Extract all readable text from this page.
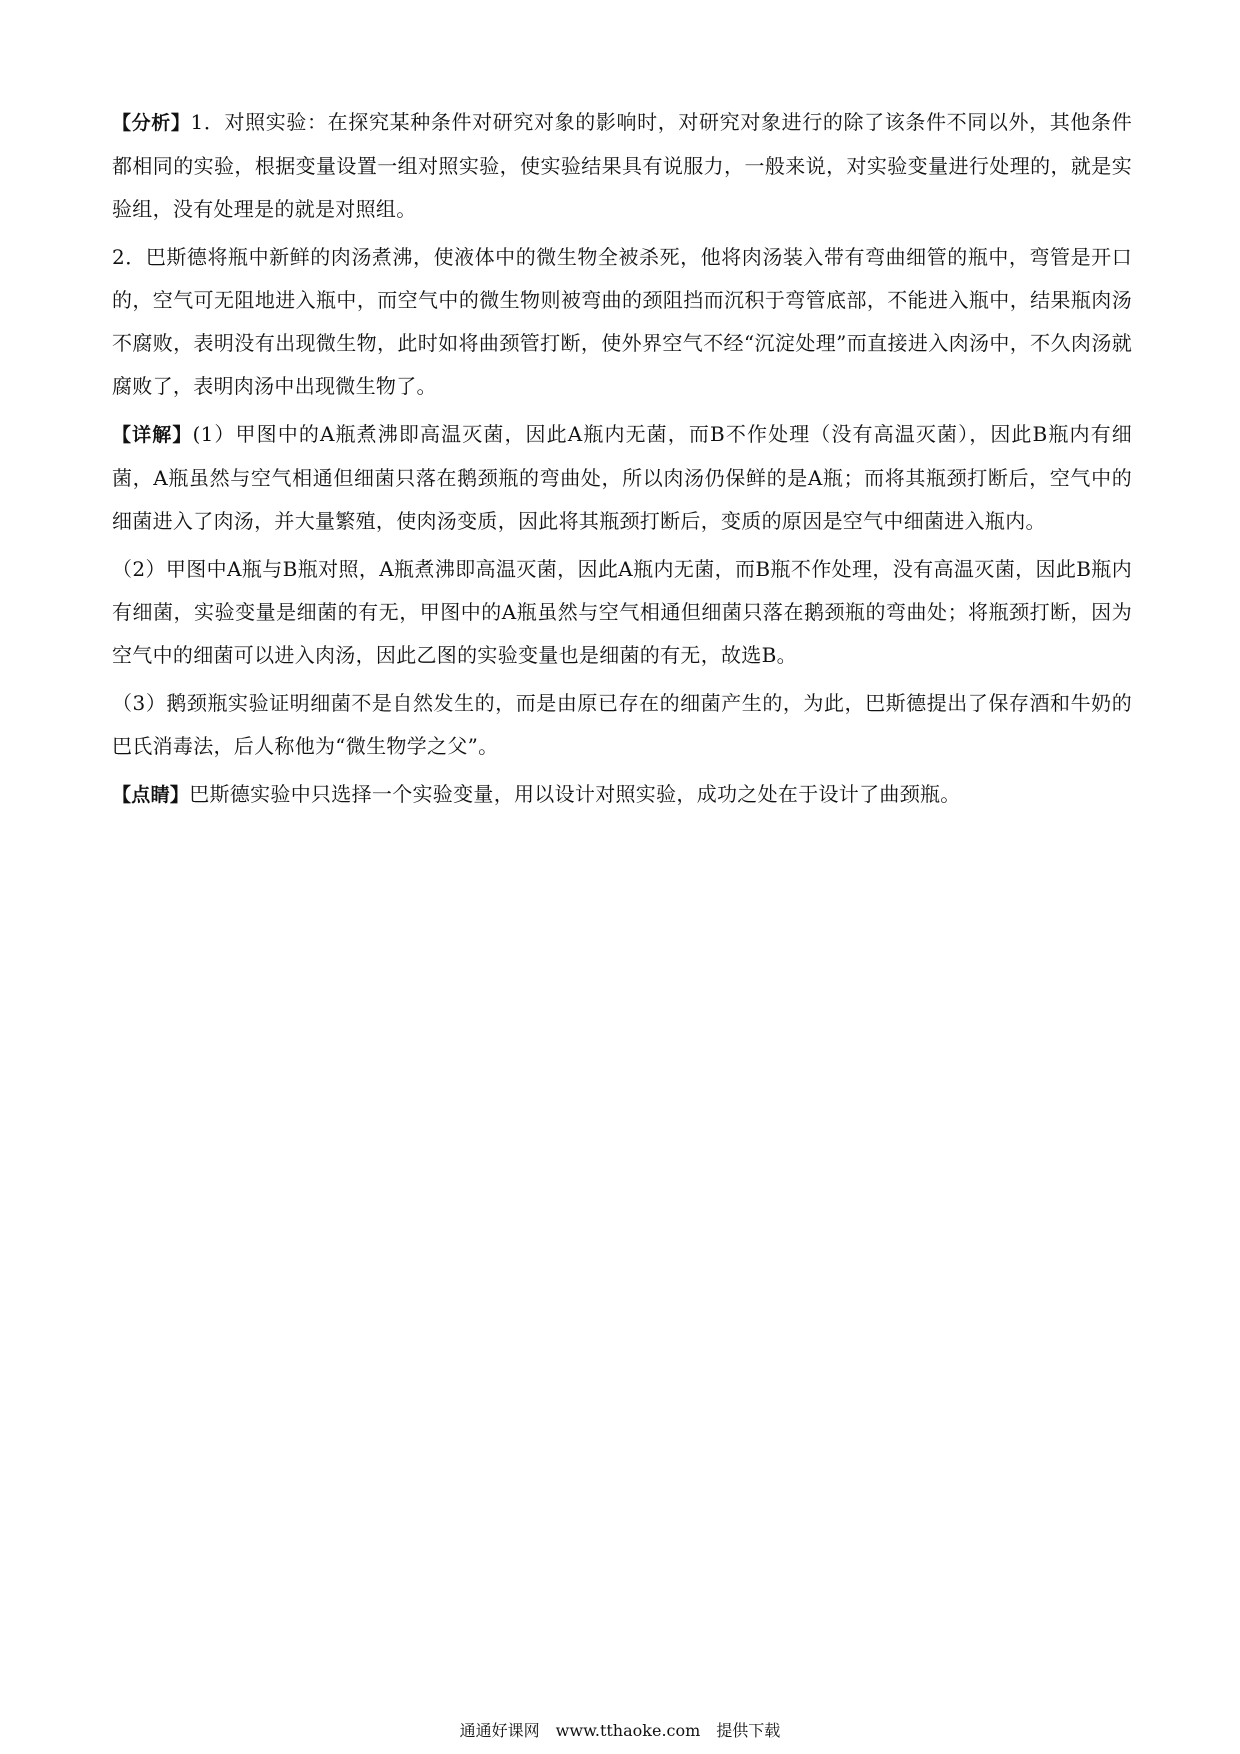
【分析】1．对照实验：在探究某种条件对研究对象的影响时，对研究对象进行的除了该条件不同以外，其他条件都相同的实验，根据变量设置一组对照实验，使实验结果具有说服力，一般来说，对实验变量进行处理的，就是实验组，没有处理是的就是对照组。

2．巴斯德将瓶中新鲜的肉汤煮沸，使液体中的微生物全被杀死，他将肉汤装入带有弯曲细管的瓶中，弯管是开口的，空气可无阻地进入瓶中，而空气中的微生物则被弯曲的颈阻挡而沉积于弯管底部，不能进入瓶中，结果瓶肉汤不腐败，表明没有出现微生物，此时如将曲颈管打断，使外界空气不经“沉淀处理”而直接进入肉汤中，不久肉汤就腐败了，表明肉汤中出现微生物了。

【详解】(1）甲图中的A瓶煮沸即高温灭菌，因此A瓶内无菌，而B不作处理（没有高温灭菌），因此B瓶内有细菌，A瓶虽然与空气相通但细菌只落在鹅颈瓶的弯曲处，所以肉汤仍保鲜的是A瓶；而将其瓶颈打断后，空气中的细菌进入了肉汤，并大量繁殖，使肉汤变质，因此将其瓶颈打断后，变质的原因是空气中细菌进入瓶内。

（2）甲图中A瓶与B瓶对照，A瓶煮沸即高温灭菌，因此A瓶内无菌，而B瓶不作处理，没有高温灭菌，因此B瓶内有细菌，实验变量是细菌的有无，甲图中的A瓶虽然与空气相通但细菌只落在鹅颈瓶的弯曲处；将瓶颈打断，因为空气中的细菌可以进入肉汤，因此乙图的实验变量也是细菌的有无，故选B。

（3）鹅颈瓶实验证明细菌不是自然发生的，而是由原已存在的细菌产生的，为此，巴斯德提出了保存酒和牛奶的巴氏消毒法，后人称他为“微生物学之父”。

【点睛】巴斯德实验中只选择一个实验变量，用以设计对照实验，成功之处在于设计了曲颈瓶。

通通好课网　www.tthaoke.com　提供下载
